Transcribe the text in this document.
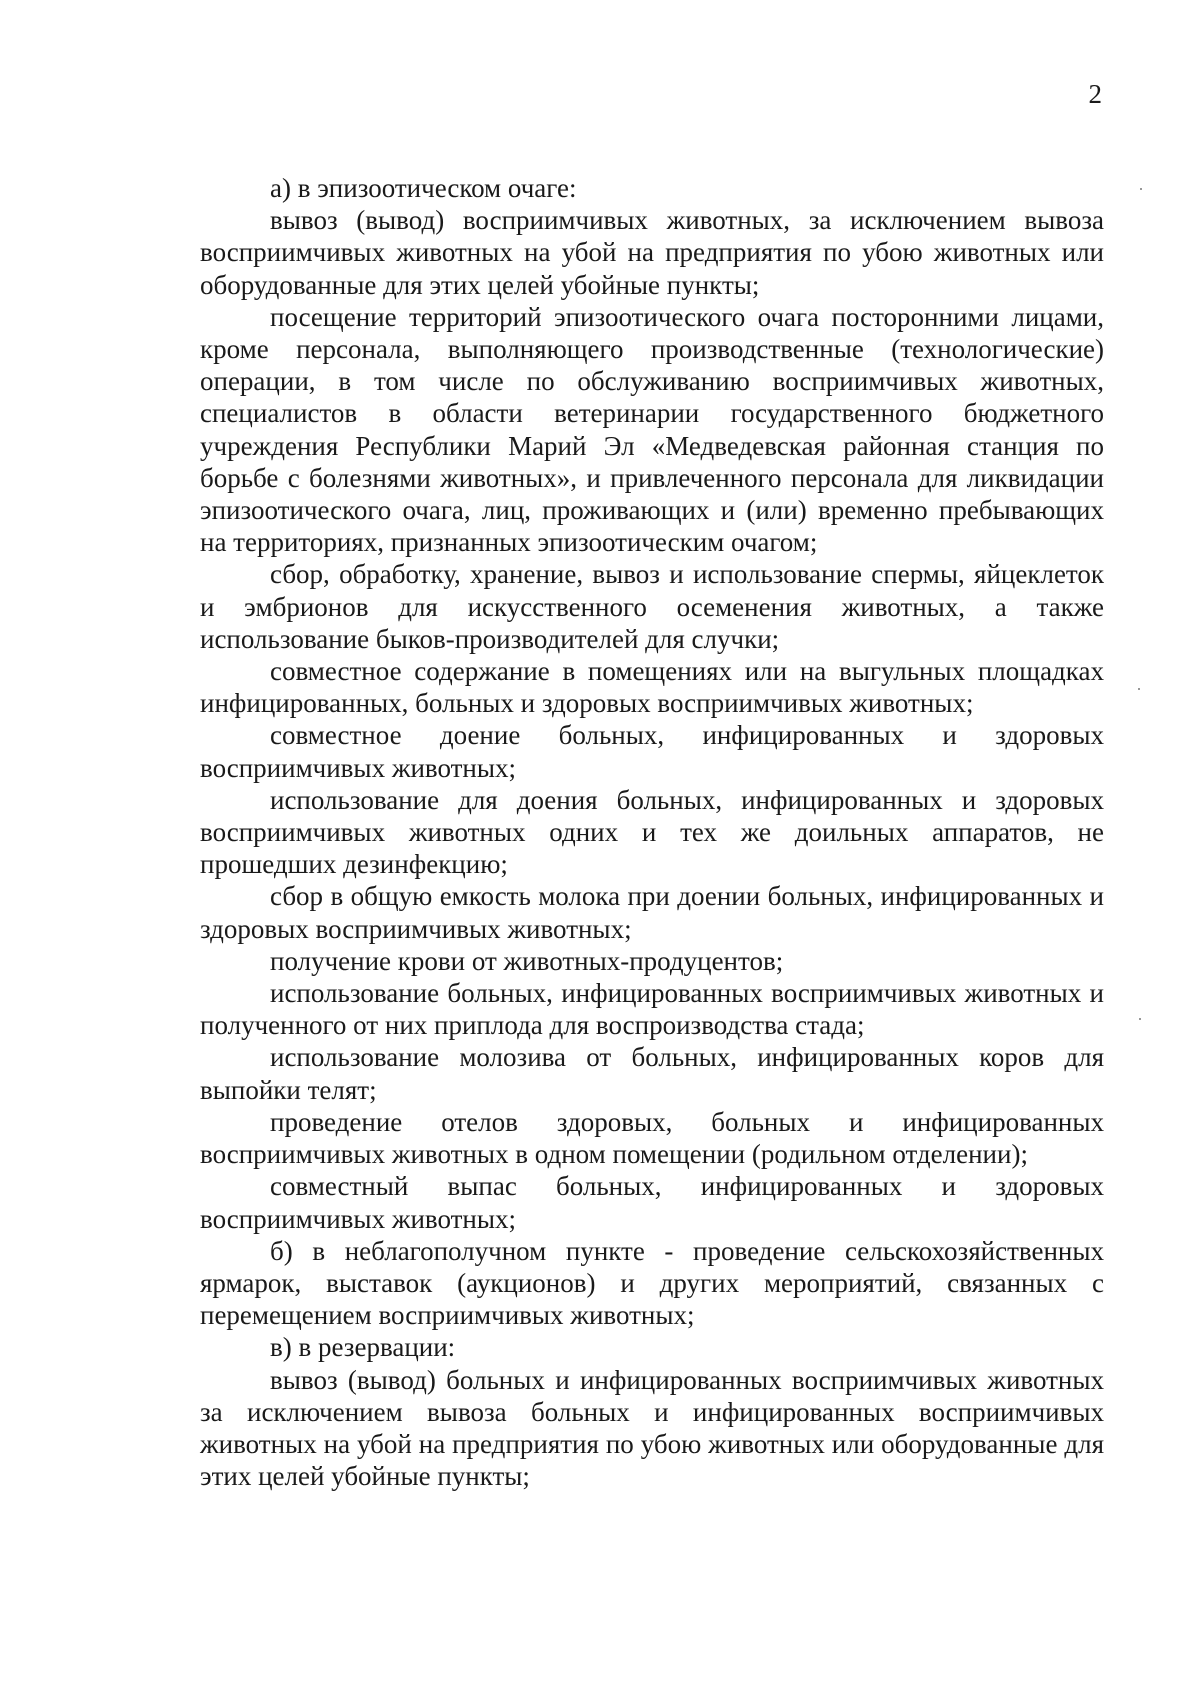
2

а) в эпизоотическом очаге:

вывоз (вывод) восприимчивых животных, за исключением вывоза восприимчивых животных на убой на предприятия по убою животных или оборудованные для этих целей убойные пункты;

посещение территорий эпизоотического очага посторонними лицами, кроме персонала, выполняющего производственные (технологические) операции, в том числе по обслуживанию восприимчивых животных, специалистов в области ветеринарии государственного бюджетного учреждения Республики Марий Эл «Медведевская районная станция по борьбе с болезнями животных», и привлеченного персонала для ликвидации эпизоотического очага, лиц, проживающих и (или) временно пребывающих на территориях, признанных эпизоотическим очагом;

сбор, обработку, хранение, вывоз и использование спермы, яйцеклеток и эмбрионов для искусственного осеменения животных, а также использование быков-производителей для случки;

совместное содержание в помещениях или на выгульных площадках инфицированных, больных и здоровых восприимчивых животных;

совместное доение больных, инфицированных и здоровых восприимчивых животных;

использование для доения больных, инфицированных и здоровых восприимчивых животных одних и тех же доильных аппаратов, не прошедших дезинфекцию;

сбор в общую емкость молока при доении больных, инфицированных и здоровых восприимчивых животных;

получение крови от животных-продуцентов;

использование больных, инфицированных восприимчивых животных и полученного от них приплода для воспроизводства стада;

использование молозива от больных, инфицированных коров для выпойки телят;

проведение отелов здоровых, больных и инфицированных восприимчивых животных в одном помещении (родильном отделении);

совместный выпас больных, инфицированных и здоровых восприимчивых животных;

б) в неблагополучном пункте - проведение сельскохозяйственных ярмарок, выставок (аукционов) и других мероприятий, связанных с перемещением восприимчивых животных;

в) в резервации:

вывоз (вывод) больных и инфицированных восприимчивых животных за исключением вывоза больных и инфицированных восприимчивых животных на убой на предприятия по убою животных или оборудованные для этих целей убойные пункты;
